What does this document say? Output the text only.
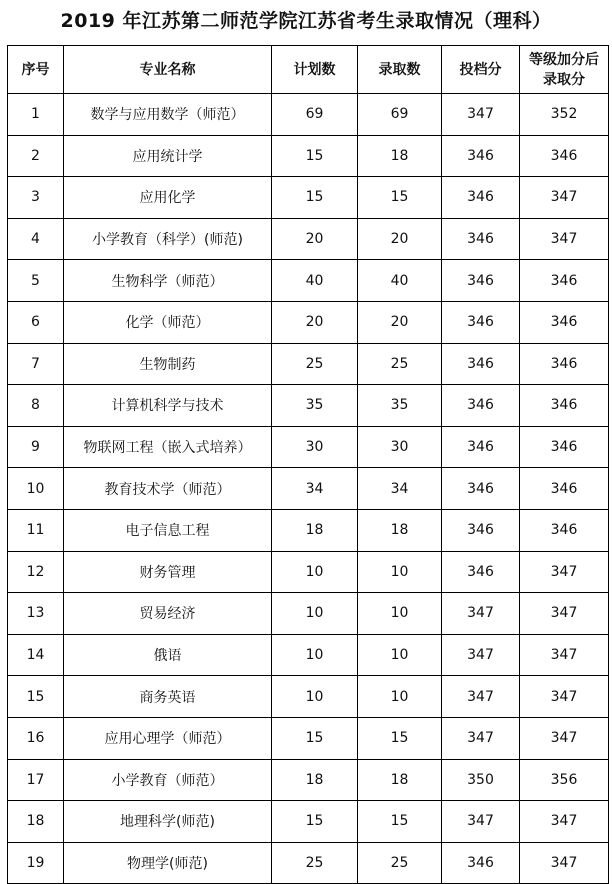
2019 年江苏第二师范学院江苏省考生录取情况（理科）
序号	专业名称	计划数	录取数	投档分	等级加分后
录取分
1	数学与应用数学（师范）	69	69	347	352
2	应用统计学	15	18	346	346
3	应用化学	15	15	346	347
4	小学教育（科学）(师范)	20	20	346	347
5	生物科学（师范）	40	40	346	346
6	化学（师范）	20	20	346	346
7	生物制药	25	25	346	346
8	计算机科学与技术	35	35	346	346
9	物联网工程（嵌入式培养）	30	30	346	346
10	教育技术学（师范）	34	34	346	346
11	电子信息工程	18	18	346	346
12	财务管理	10	10	346	347
13	贸易经济	10	10	347	347
14	俄语	10	10	347	347
15	商务英语	10	10	347	347
16	应用心理学（师范）	15	15	347	347
17	小学教育（师范）	18	18	350	356
18	地理科学(师范)	15	15	347	347
19	物理学(师范)	25	25	346	347
